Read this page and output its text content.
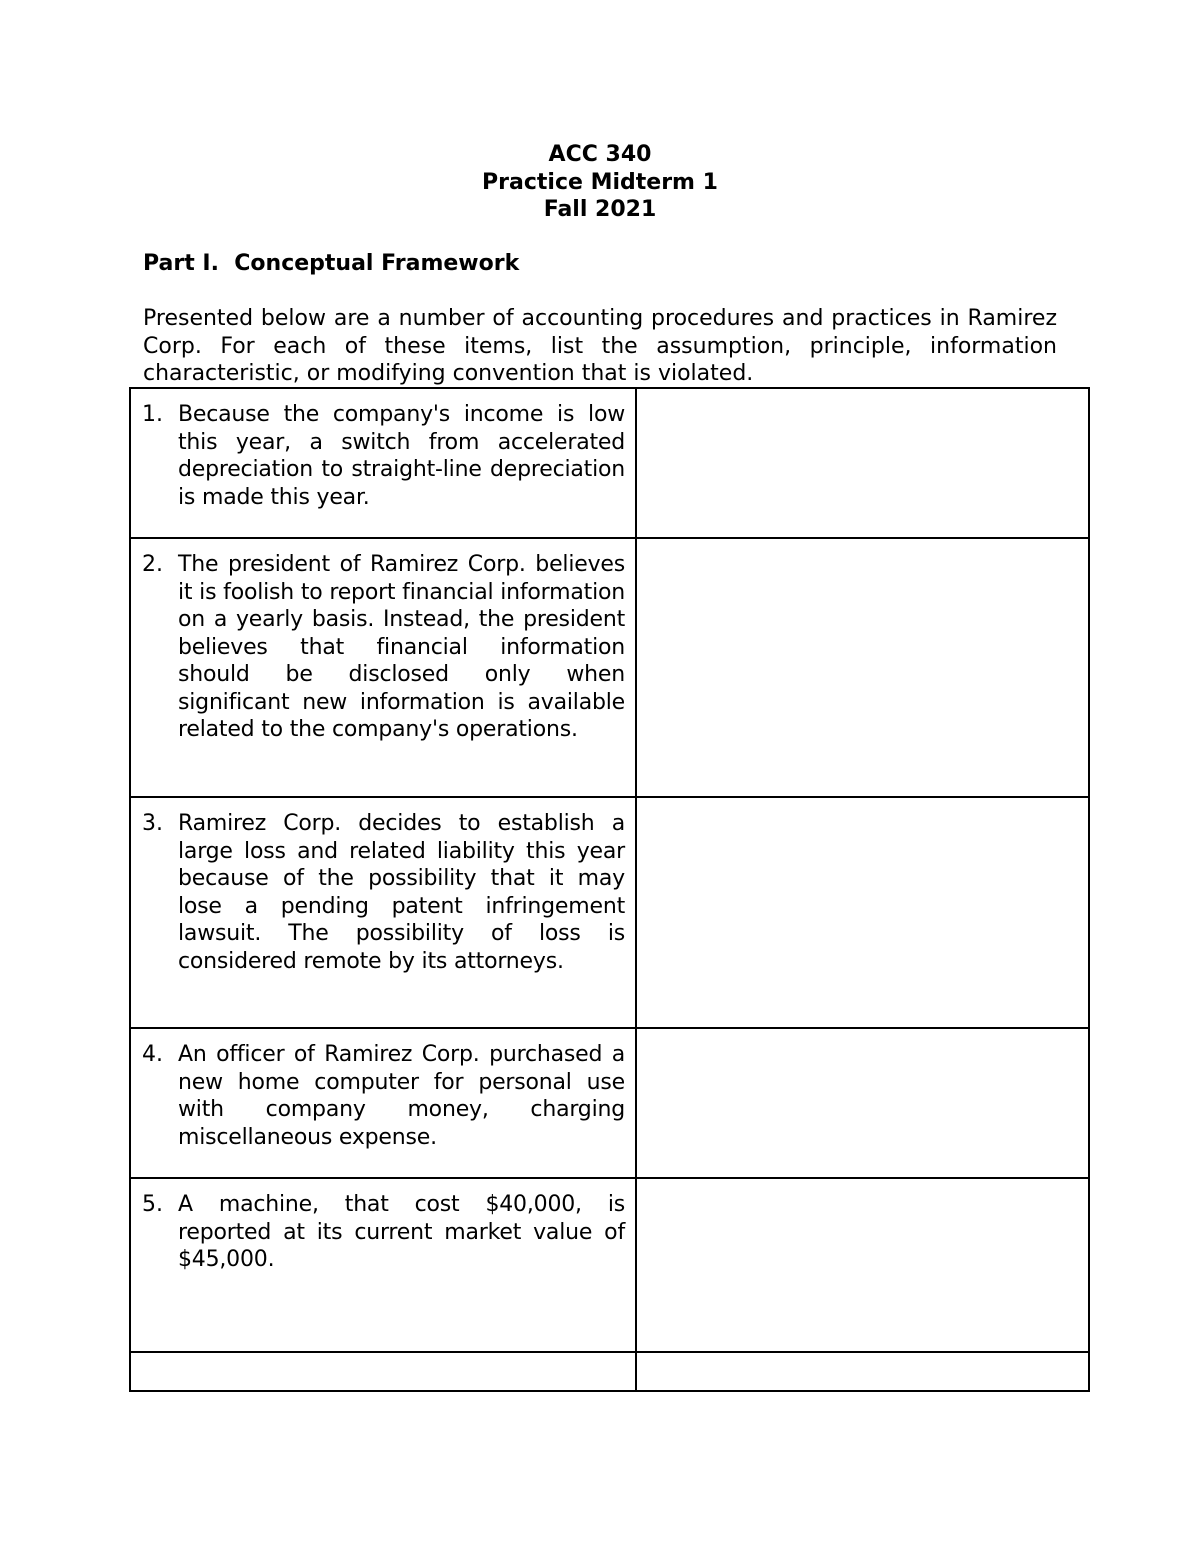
ACC 340
Practice Midterm 1
Fall 2021
Part I.  Conceptual Framework
Presented below are a number of accounting procedures and practices in Ramirez Corp. For each of these items, list the assumption, principle, information characteristic, or modifying convention that is violated.
1. Because the company's income is low this year, a switch from accelerated depreciation to straight-line depreciation is made this year.	

2. The president of Ramirez Corp. believes it is foolish to report financial information on a yearly basis. Instead, the president believes that financial information should be disclosed only when significant new information is available related to the company's operations.	

3. Ramirez Corp. decides to establish a large loss and related liability this year because of the possibility that it may lose a pending patent infringement lawsuit. The possibility of loss is considered remote by its attorneys.	

4. An officer of Ramirez Corp. purchased a new home computer for personal use with company money, charging miscellaneous expense.	

5. A machine, that cost $40,000, is reported at its current market value of $45,000.	
